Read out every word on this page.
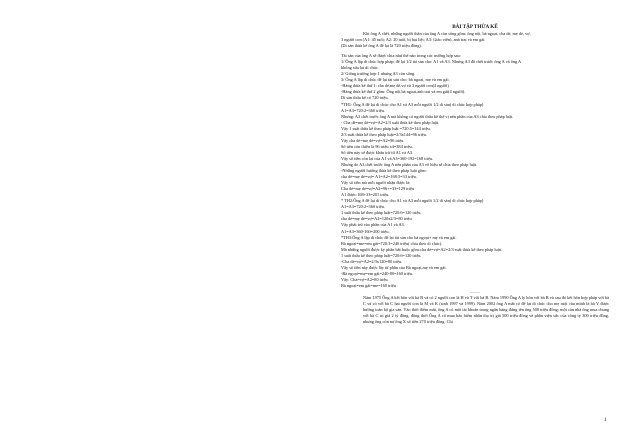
BÀI TẬP THỪA KẾ
Khi ông A chết, những người thân của ông A còn sống gồm: ông nội, bà ngoại, cha dẻ, mẹ dẻ, vợ,
3 người con (A1: 45 tuổi; A2: 20 tuổi, bị bại liệt; A3: Giáo viên), anh trai và em gái.
(Di sản thừa kế ông A để lại là 720 triệu đồng).
Tài sản của ông A sẽ được chia như thế nào trong các trường hợp sau:
1/ Ông A lập di chúc hợp pháp, để lại 1/2 tài sản cho: A1 và A3. Nhưng A3 đã chết trước ông A và ông A
không sửa lại di chúc.
2/ Giống trường hợp 1 nhưng A3 còn sống.
3/ Ông A lập di chúc để lại tài sản cho: bà ngoại, mẹ và em gái.
-Hàng thừa kế thứ 1: cha dẻ,mẹ dẻ,vợ và 3 người con(4 người)
-Hàng thừa kế thứ 2 gồm: Ông nội,bà ngoại,anh trai và em gái(4 người).
Di sản thừa kế có 720 triệu.
*TH1: Ông A để lại di chúc cho A1 và A3 mỗi người 1/2 di sản( di chúc hợp pháp)
A1=A3=720:2=360 triệu.
Nhưng: A3 chết trước ông A mà không có người thừa kế thế vị nên phần của A3 chia theo pháp luật.
- Cha dẻ=mẹ dẻ=vợ=A2=2/3 suất thừa kế theo pháp luật.
Vậy 1 suất thừa kế theo pháp luật =720:5=144 triệu.
2/3 suất thừa kế theo pháp luật=2/3x144=96 triệu.
Vậy cha dẻ=mẹ dẻ=vợ=A2=96 triệu.
Số tiền còn thiếu là 96 triệu x4=384 triệu.
Số tiền này sẽ được khấu trừ từ A1 và A3.
Vậy số tiền còn lại của A1 và A3=360-192=168 triệu.
Nhưng do A3 chết trước ông A nên phần của A3 vô hiệu sẽ chia theo pháp luật.
-Những người hưởng thừa kế theo pháp luật gồm:
cha dẻ=mẹ dẻ=vợ= A1=A2=168:5=33 triệu.
Vậy số tiền mà mỗi người nhận được là:
Cha dẻ=mẹ dẻ=vợ=A2=96+=33=129 triệu
A1 được:168+33=201 triệu.
* TH2:Ông A để lại di chúc cho A1 và A3 mỗi người 1/2 di sản( di chúc hợp pháp)
A1=A3=720:2=360 triệu.
1 suất thừa kế theo pháp luật=720:6=120 triệu.
cha dẻ=mẹ dẻ=vợ=A2=120x2/3=80 triệu
Vậy phải trừ vào phần của A1 và A3.
A1=A3=360-160=200 triệu.
*TH3:Ông A lập di chúc để lại tài sản cho bà ngoại+ mẹ và em gái.
Bà ngoại=me=em gái=720:3=240 triệu( chia theo di chúc).
Mà những người được kỷ phần bắt buộc gồm:cha dẻ=vợ=A2=2/3 suất thừa kế theo pháp luật.
1 suất thừa kế theo pháp luật=720:6=120 triệu.
-Cha dẻ=vợ=A2=2/3x120=80 triệu.
Vậy số tiền này được lấy từ phần của Bà ngoại,mẹ và em gái.
-Bà ngoại=mẹ=em gái=240-80=160 triệu.
Vậy: Cha=vợ=A2=80 triệu.
Bà ngoại=em gái=me=160 triệu
..........
Năm 1975 Ông A kết hôn với bà B và có 2 người con là H và T với bà B. Năm 1990 Ông A ly hôn với bà B và sau đó kết hôn hợp pháp với bà C và có với bà C hai người con là M và K (sinh 1997 và 1999). Năm 2002 ông A mất có để lại di chúc cho mẹ ruột của mình là bà V được hưởng toàn bộ gia sản. Vào thời điểm mất, ông A có một tài khoản trong ngân hàng đứng tên ông 500 triệu đồng; một căn nhà ông mua chung với bà C trị giá 2 tỷ đồng, đồng thời Ông A có mua bảo hiểm nhân thọ trị giá 500 triệu đồng và phần viện sức của công ty 300 triệu đồng, nhưng ông còn nợ ông X số tiền 270 triệu đồng. Chi
1
